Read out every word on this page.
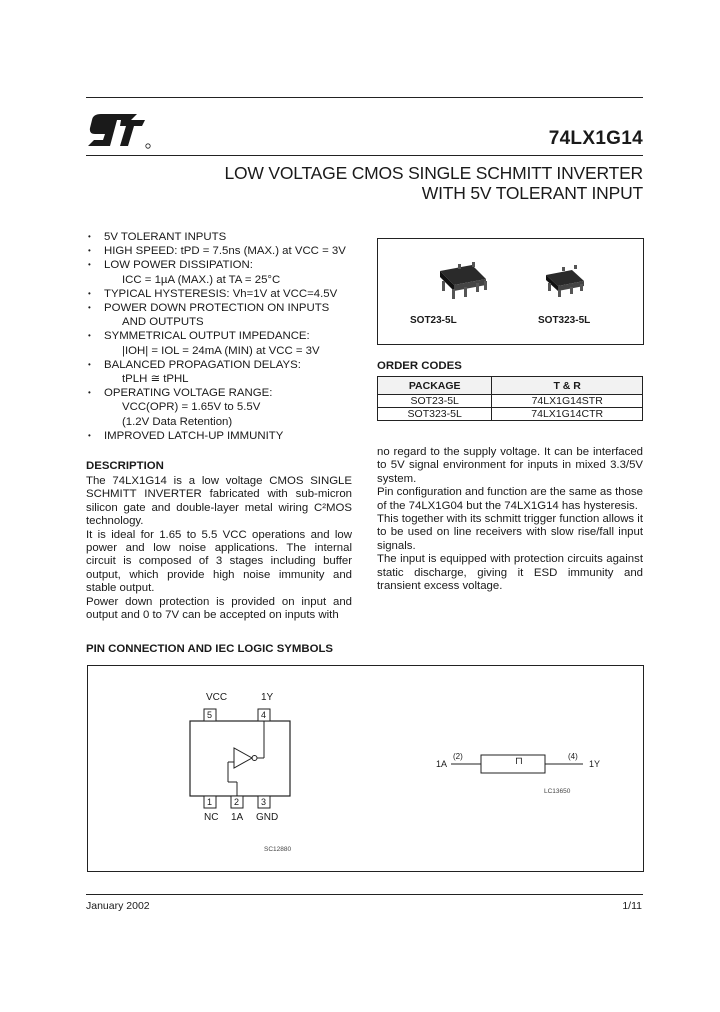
74LX1G14
LOW VOLTAGE CMOS SINGLE SCHMITT INVERTER
WITH 5V TOLERANT INPUT
• 5V TOLERANT INPUTS
• HIGH SPEED: tPD = 7.5ns (MAX.) at VCC = 3V
• LOW POWER DISSIPATION:
ICC = 1µA (MAX.) at TA = 25°C
• TYPICAL HYSTERESIS: Vh=1V at VCC=4.5V
• POWER DOWN PROTECTION ON INPUTS
AND OUTPUTS
• SYMMETRICAL OUTPUT IMPEDANCE:
|IOH| = IOL = 24mA (MIN) at VCC = 3V
• BALANCED PROPAGATION DELAYS:
tPLH ≅ tPHL
• OPERATING VOLTAGE RANGE:
VCC(OPR) = 1.65V to 5.5V
(1.2V Data Retention)
• IMPROVED LATCH-UP IMMUNITY
SOT23-5L	SOT323-5L
ORDER CODES
PACKAGE	T & R
SOT23-5L	74LX1G14STR
SOT323-5L	74LX1G14CTR
DESCRIPTION

The 74LX1G14 is a low voltage CMOS SINGLE SCHMITT INVERTER fabricated with sub-micron silicon gate and double-layer metal wiring C²MOS technology.

It is ideal for 1.65 to 5.5 VCC operations and low power and low noise applications. The internal circuit is composed of 3 stages including buffer output, which provide high noise immunity and stable output.

Power down protection is provided on input and output and 0 to 7V can be accepted on inputs with

no regard to the supply voltage. It can be interfaced to 5V signal environment for inputs in mixed 3.3/5V system.

Pin configuration and function are the same as those of the 74LX1G04 but the 74LX1G14 has hysteresis.

This together with its schmitt trigger function allows it to be used on line receivers with slow rise/fall input signals.

The input is equipped with protection circuits against static discharge, giving it ESD immunity and transient excess voltage.

PIN CONNECTION AND IEC LOGIC SYMBOLS
VCC	1Y
5	4
1 2 3
NC 1A GND
SC12880
1A
(2)	⊓	(4)
1Y
LC13650
January 2002	1/11
